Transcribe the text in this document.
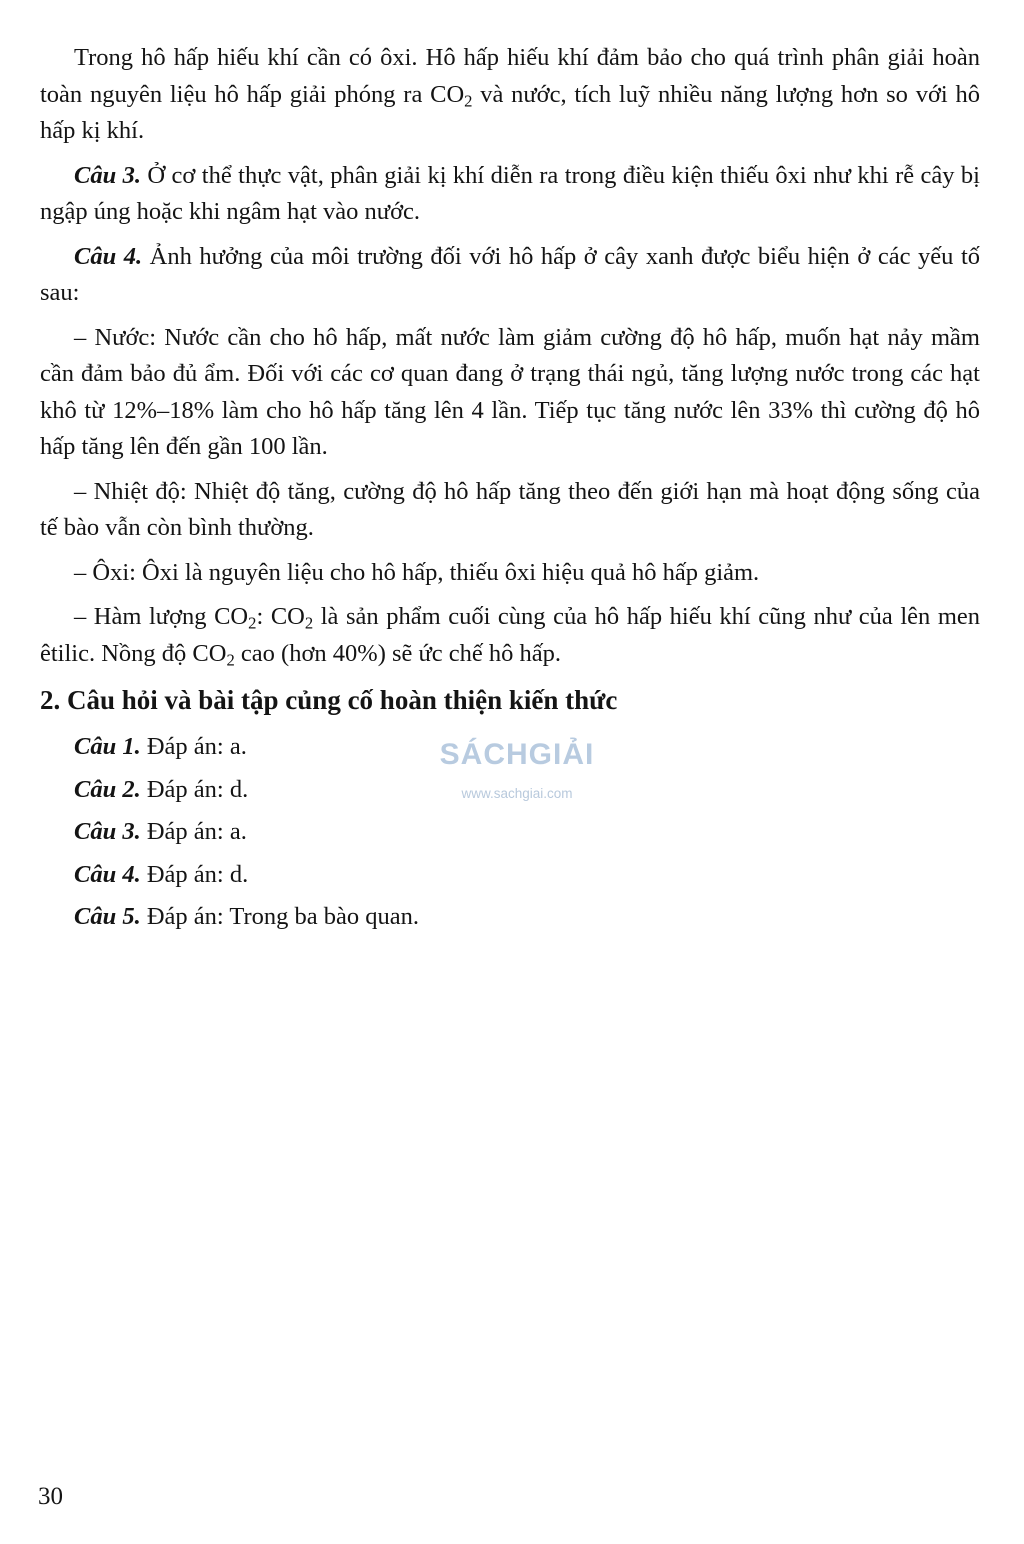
Trong hô hấp hiếu khí cần có ôxi. Hô hấp hiếu khí đảm bảo cho quá trình phân giải hoàn toàn nguyên liệu hô hấp giải phóng ra $CO_2$ và nước, tích luỹ nhiều năng lượng hơn so với hô hấp kị khí.

Câu 3. Ở cơ thể thực vật, phân giải kị khí diễn ra trong điều kiện thiếu ôxi như khi rễ cây bị ngập úng hoặc khi ngâm hạt vào nước.

Câu 4. Ảnh hưởng của môi trường đối với hô hấp ở cây xanh được biểu hiện ở các yếu tố sau:

– Nước: Nước cần cho hô hấp, mất nước làm giảm cường độ hô hấp, muốn hạt nảy mầm cần đảm bảo đủ ẩm. Đối với các cơ quan đang ở trạng thái ngủ, tăng lượng nước trong các hạt khô từ 12%–18% làm cho hô hấp tăng lên 4 lần. Tiếp tục tăng nước lên 33% thì cường độ hô hấp tăng lên đến gần 100 lần.

– Nhiệt độ: Nhiệt độ tăng, cường độ hô hấp tăng theo đến giới hạn mà hoạt động sống của tế bào vẫn còn bình thường.

– Ôxi: Ôxi là nguyên liệu cho hô hấp, thiếu ôxi hiệu quả hô hấp giảm.

– Hàm lượng $CO_2$: $CO_2$ là sản phẩm cuối cùng của hô hấp hiếu khí cũng như của lên men êtilic. Nồng độ $CO_2$ cao (hơn 40%) sẽ ức chế hô hấp.

2. Câu hỏi và bài tập củng cố hoàn thiện kiến thức

Câu 1. Đáp án: a.

Câu 2. Đáp án: d.

Câu 3. Đáp án: a.

Câu 4. Đáp án: d.

Câu 5. Đáp án: Trong ba bào quan.

SÁCHGIẢI
www.sachgiai.com
30
